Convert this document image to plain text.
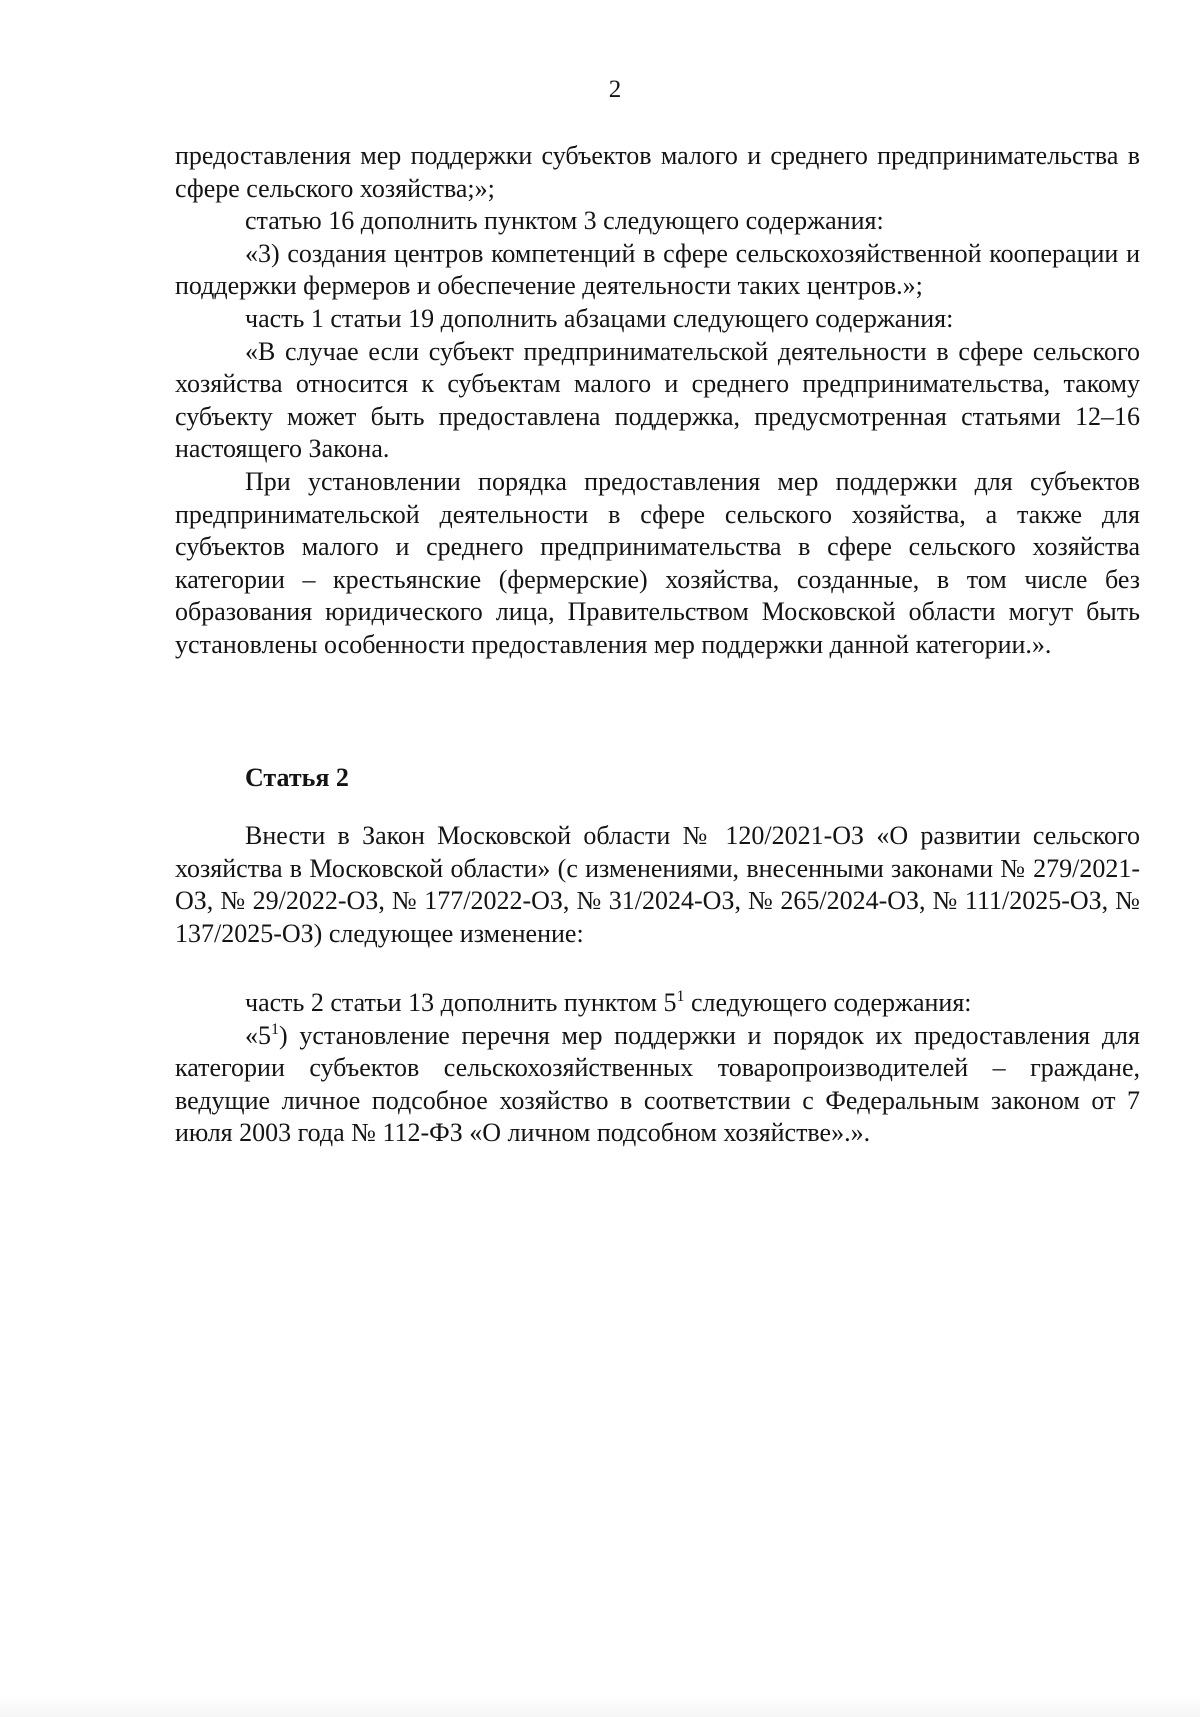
2

предоставления мер поддержки субъектов малого и среднего предпринимательства в сфере сельского хозяйства;»;

статью 16 дополнить пунктом 3 следующего содержания:

«3) создания центров компетенций в сфере сельскохозяйственной кооперации и поддержки фермеров и обеспечение деятельности таких центров.»;

часть 1 статьи 19 дополнить абзацами следующего содержания:

«В случае если субъект предпринимательской деятельности в сфере сельского хозяйства относится к субъектам малого и среднего предпринимательства, такому субъекту может быть предоставлена поддержка, предусмотренная статьями 12–16 настоящего Закона.

При установлении порядка предоставления мер поддержки для субъектов предпринимательской деятельности в сфере сельского хозяйства, а также для субъектов малого и среднего предпринимательства в сфере сельского хозяйства категории – крестьянские (фермерские) хозяйства, созданные, в том числе без образования юридического лица, Правительством Московской области могут быть установлены особенности предоставления мер поддержки данной категории.».

Статья 2

Внести в Закон Московской области № 120/2021-ОЗ «О развитии сельского хозяйства в Московской области» (с изменениями, внесенными законами № 279/2021-ОЗ, № 29/2022-ОЗ, № 177/2022-ОЗ, № 31/2024-ОЗ, № 265/2024-ОЗ, № 111/2025-ОЗ, № 137/2025-ОЗ) следующее изменение:

часть 2 статьи 13 дополнить пунктом $5^1$ следующего содержания:

«$5^1$) установление перечня мер поддержки и порядок их предоставления для категории субъектов сельскохозяйственных товаропроизводителей – граждане, ведущие личное подсобное хозяйство в соответствии с Федеральным законом от 7 июля 2003 года № 112-ФЗ «О личном подсобном хозяйстве».».
